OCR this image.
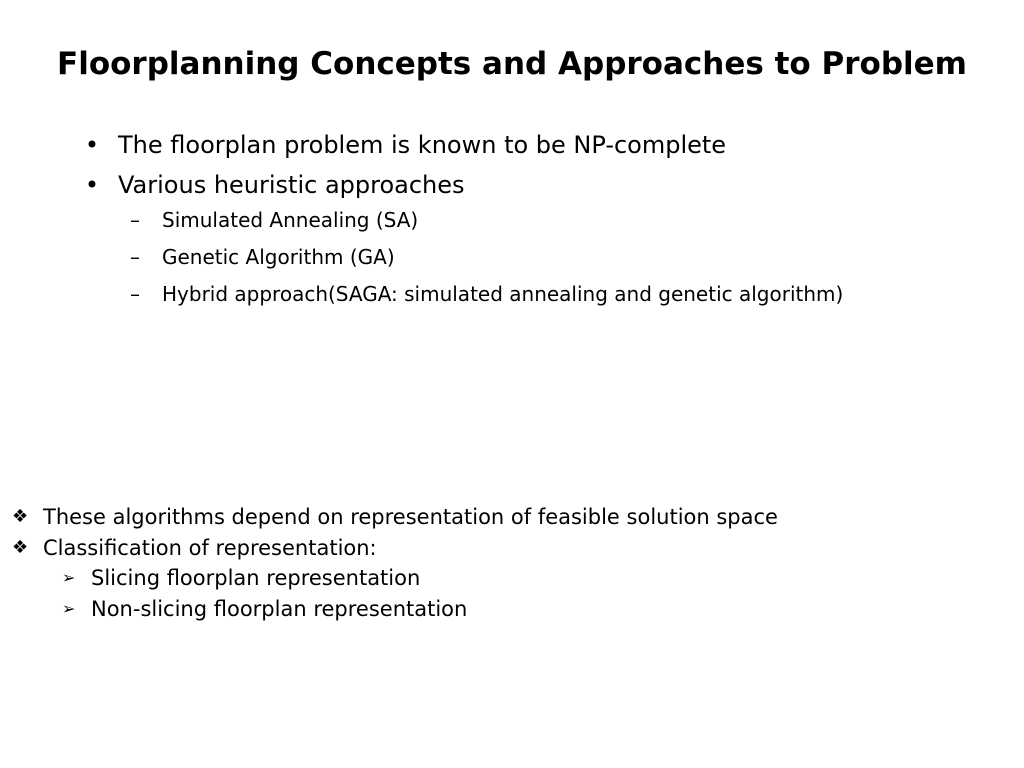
Floorplanning Concepts and Approaches to Problem
• The floorplan problem is known to be NP-complete
• Various heuristic approaches
– Simulated Annealing (SA)
– Genetic Algorithm (GA)
– Hybrid approach(SAGA: simulated annealing and genetic algorithm)
❖ These algorithms depend on representation of feasible solution space
❖ Classification of representation:
➢ Slicing floorplan representation
➢ Non-slicing floorplan representation
